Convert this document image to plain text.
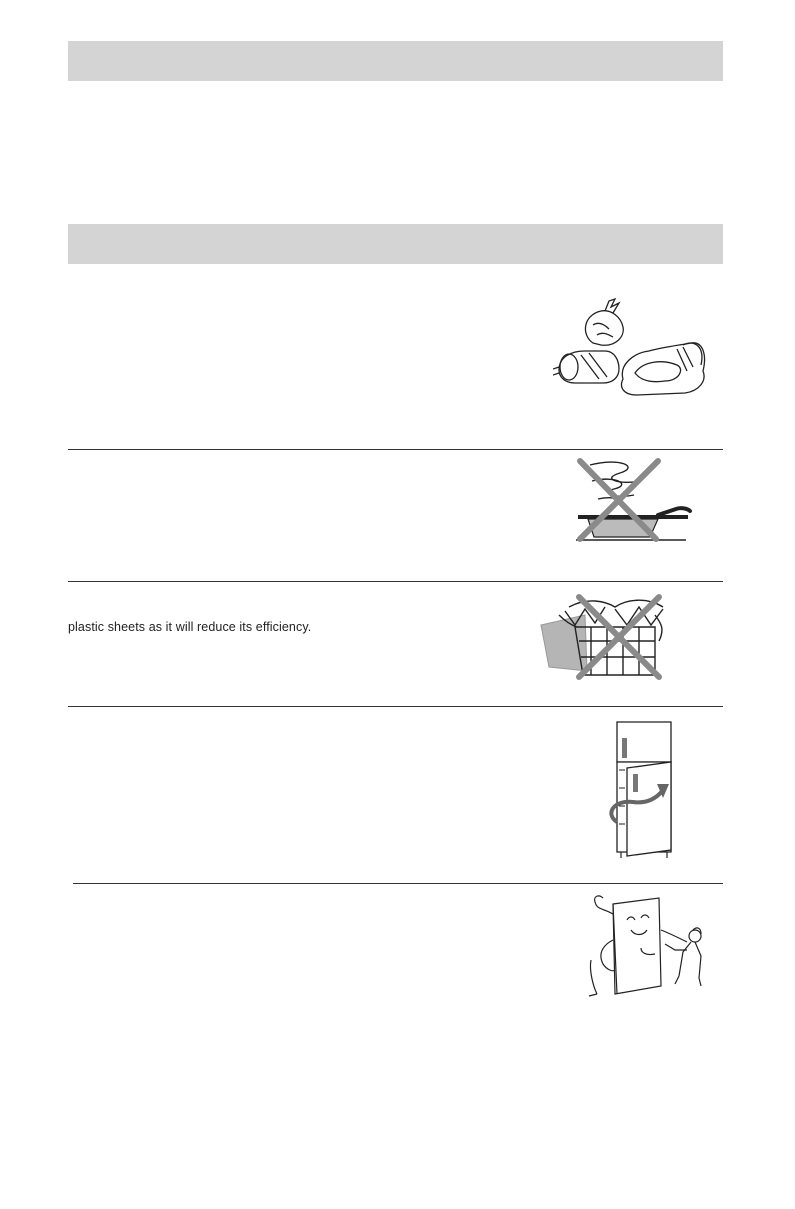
plastic sheets as it will reduce its efficiency.
